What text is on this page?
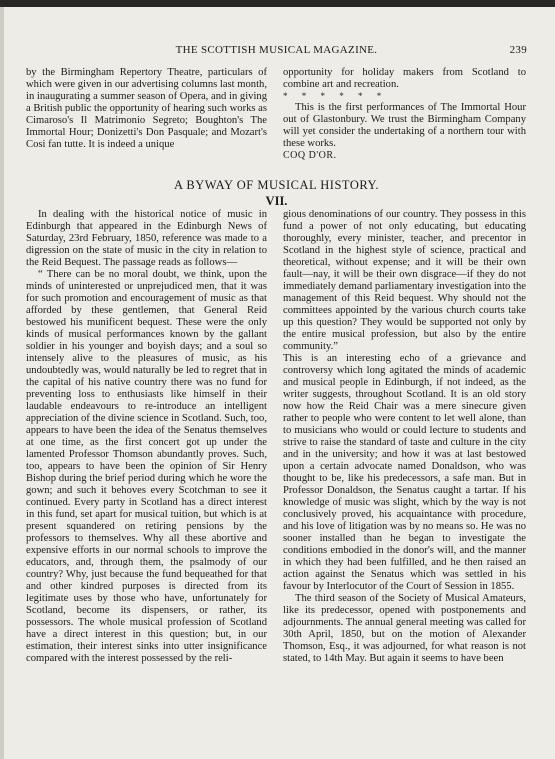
THE SCOTTISH MUSICAL MAGAZINE.	239

by the Birmingham Repertory Theatre, particulars of which were given in our advertising columns last month, in inaugurating a summer season of Opera, and in giving a British public the opportunity of hearing such works as Cimaroso's Il Matrimonio Segreto; Boughton's The Immortal Hour; Donizetti's Don Pasquale; and Mozart's Cosi fan tutte. It is indeed a unique

opportunity for holiday makers from Scotland to combine art and recreation.

* * * * * *

This is the first performances of The Immortal Hour out of Glastonbury. We trust the Birmingham Company will yet consider the undertaking of a northern tour with these works.

COQ D'OR.

A BYWAY OF MUSICAL HISTORY.
VII.

In dealing with the historical notice of music in Edinburgh that appeared in the Edinburgh News of Saturday, 23rd February, 1850, reference was made to a digression on the state of music in the city in relation to the Reid Bequest. The passage reads as follows—

“ There can be no moral doubt, we think, upon the minds of uninterested or unprejudiced men, that it was for such promotion and encouragement of music as that afforded by these gentlemen, that General Reid bestowed his munificent bequest. These were the only kinds of musical performances known by the gallant soldier in his younger and boyish days; and a soul so intensely alive to the pleasures of music, as his undoubtedly was, would naturally be led to regret that in the capital of his native country there was no fund for preventing loss to enthusiasts like himself in their laudable endeavours to re-introduce an intelligent appreciation of the divine science in Scotland. Such, too, appears to have been the idea of the Senatus themselves at one time, as the first concert got up under the lamented Professor Thomson abundantly proves. Such, too, appears to have been the opinion of Sir Henry Bishop during the brief period during which he wore the gown; and such it behoves every Scotchman to see it continued. Every party in Scotland has a direct interest in this fund, set apart for musical tuition, but which is at present squandered on retiring pensions by the professors to themselves. Why all these abortive and expensive efforts in our normal schools to improve the educators, and, through them, the psalmody of our country? Why, just because the fund bequeathed for that and other kindred purposes is directed from its legitimate uses by those who have, unfortunately for Scotland, become its dispensers, or rather, its possessors. The whole musical profession of Scotland have a direct interest in this question; but, in our estimation, their interest sinks into utter insignificance compared with the interest possessed by the reli-

gious denominations of our country. They possess in this fund a power of not only educating, but educating thoroughly, every minister, teacher, and precentor in Scotland in the highest style of science, practical and theoretical, without expense; and it will be their own fault—nay, it will be their own disgrace—if they do not immediately demand parliamentary investigation into the management of this Reid bequest. Why should not the committees appointed by the various church courts take up this question? They would be supported not only by the entire musical profession, but also by the entire community.”

This is an interesting echo of a grievance and controversy which long agitated the minds of academic and musical people in Edinburgh, if not indeed, as the writer suggests, throughout Scotland. It is an old story now how the Reid Chair was a mere sinecure given rather to people who were content to let well alone, than to musicians who would or could lecture to students and strive to raise the standard of taste and culture in the city and in the university; and how it was at last bestowed upon a certain advocate named Donaldson, who was thought to be, like his predecessors, a safe man. But in Professor Donaldson, the Senatus caught a tartar. If his knowledge of music was slight, which by the way is not conclusively proved, his acquaintance with procedure, and his love of litigation was by no means so. He was no sooner installed than he began to investigate the conditions embodied in the donor's will, and the manner in which they had been fulfilled, and he then raised an action against the Senatus which was settled in his favour by Interlocutor of the Court of Session in 1855.

The third season of the Society of Musical Amateurs, like its predecessor, opened with postponements and adjournments. The annual general meeting was called for 30th April, 1850, but on the motion of Alexander Thomson, Esq., it was adjourned, for what reason is not stated, to 14th May. But again it seems to have been
